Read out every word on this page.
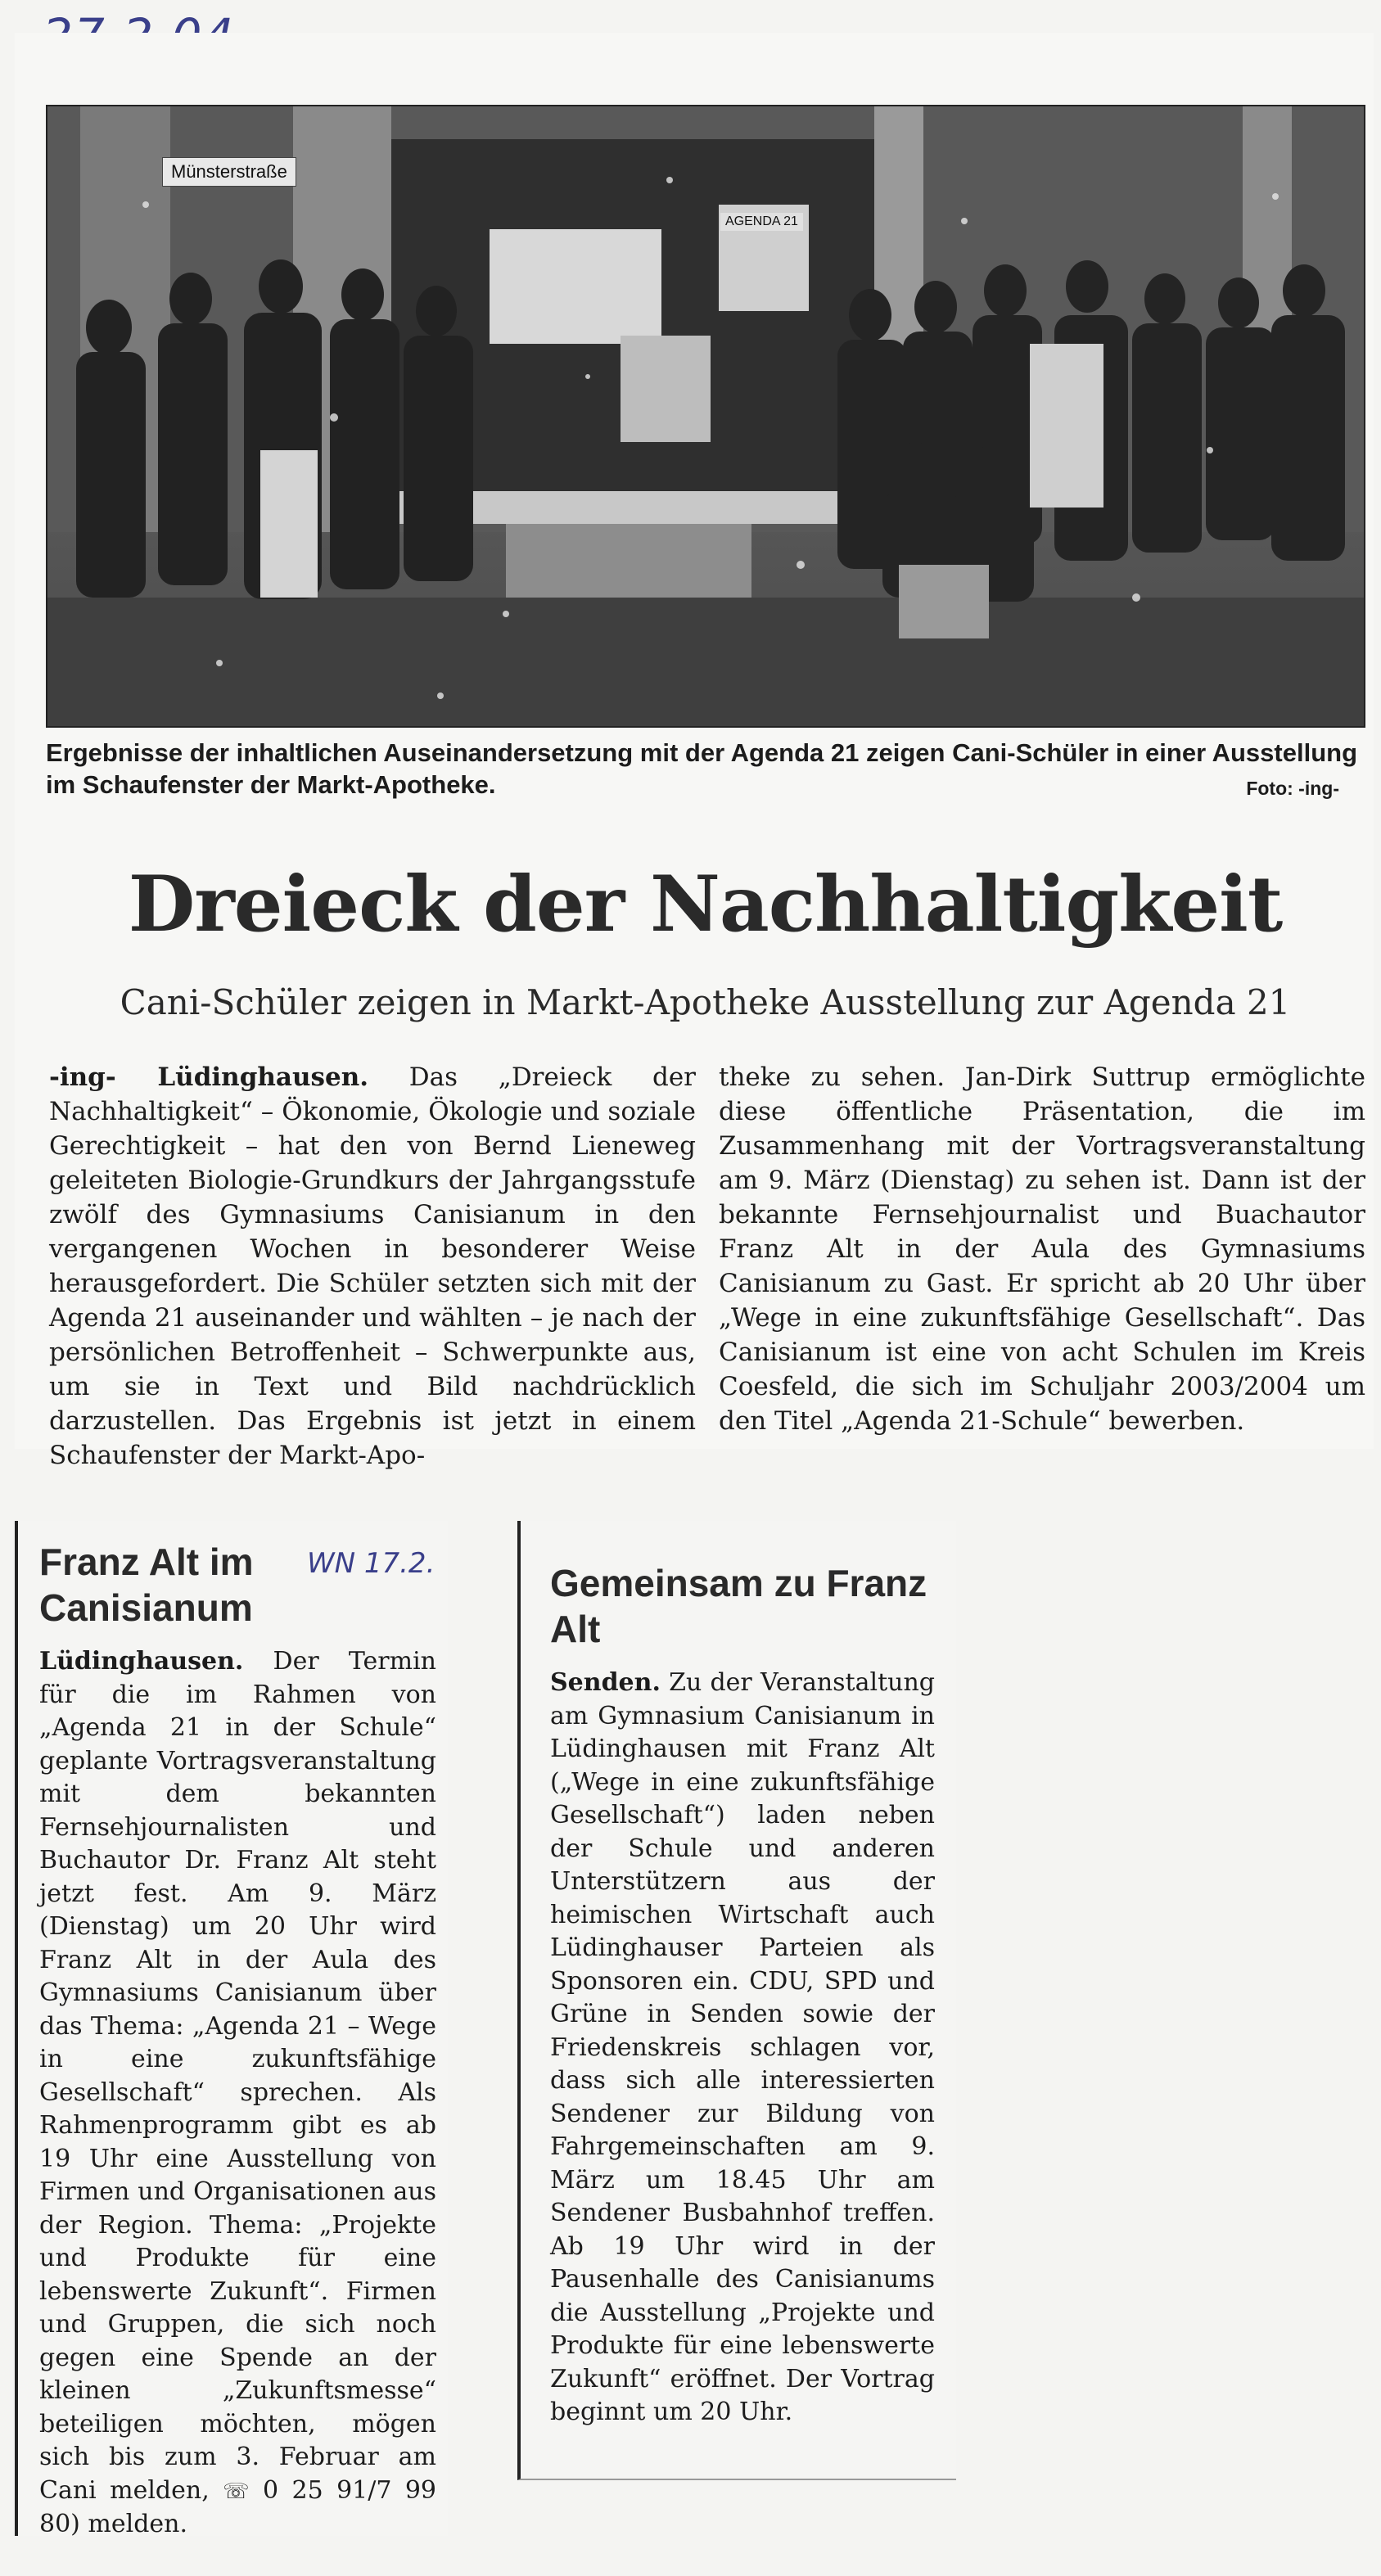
Münsterstraße
AGENDA 21
Ergebnisse der inhaltlichen Auseinandersetzung mit der Agenda 21 zeigen Cani-Schüler in einer Ausstellung im Schaufenster der Markt-Apotheke.	Foto: -ing-
Dreieck der Nachhaltigkeit
Cani-Schüler zeigen in Markt-Apotheke Ausstellung zur Agenda 21
-ing- Lüdinghausen. Das „Dreieck der Nachhaltigkeit“ – Ökonomie, Ökologie und soziale Gerechtigkeit – hat den von Bernd Lieneweg geleiteten Biologie-Grundkurs der Jahrgangsstufe zwölf des Gymnasiums Canisianum in den vergangenen Wochen in besonderer Weise herausgefordert. Die Schüler setzten sich mit der Agenda 21 auseinander und wählten – je nach der persönlichen Betroffenheit – Schwerpunkte aus, um sie in Text und Bild nachdrücklich darzustellen. Das Ergebnis ist jetzt in einem Schaufenster der Markt-Apo-
theke zu sehen. Jan-Dirk Suttrup ermöglichte diese öffentliche Präsentation, die im Zusammenhang mit der Vortragsveranstaltung am 9. März (Dienstag) zu sehen ist. Dann ist der bekannte Fernsehjournalist und Buachautor Franz Alt in der Aula des Gymnasiums Canisianum zu Gast. Er spricht ab 20 Uhr über „Wege in eine zukunftsfähige Gesellschaft“. Das Canisianum ist eine von acht Schulen im Kreis Coesfeld, die sich im Schuljahr 2003/2004 um den Titel „Agenda 21-Schule“ bewerben.
Franz Alt im Canisianum

Lüdinghausen. Der Termin für die im Rahmen von „Agenda 21 in der Schule“ geplante Vortragsveranstaltung mit dem bekannten Fernsehjournalisten und Buchautor Dr. Franz Alt steht jetzt fest. Am 9. März (Dienstag) um 20 Uhr wird Franz Alt in der Aula des Gymnasiums Canisianum über das Thema: „Agenda 21 – Wege in eine zukunftsfähige Gesellschaft“ sprechen. Als Rahmenprogramm gibt es ab 19 Uhr eine Ausstellung von Firmen und Organisationen aus der Region. Thema: „Projekte und Produkte für eine lebenswerte Zukunft“. Firmen und Gruppen, die sich noch gegen eine Spende an der kleinen „Zukunftsmesse“ beteiligen möchten, mögen sich bis zum 3. Februar am Cani melden, ☏ 0 25 91/7 99 80) melden.

WN 17.2.	Gemeinsam zu Franz Alt

Senden. Zu der Veranstaltung am Gymnasium Canisianum in Lüdinghausen mit Franz Alt („Wege in eine zukunftsfähige Gesellschaft“) laden neben der Schule und anderen Unterstützern aus der heimischen Wirtschaft auch Lüdinghauser Parteien als Sponsoren ein. CDU, SPD und Grüne in Senden sowie der Friedenskreis schlagen vor, dass sich alle interessierten Sendener zur Bildung von Fahrgemeinschaften am 9. März um 18.45 Uhr am Sendener Busbahnhof treffen. Ab 19 Uhr wird in der Pausenhalle des Canisianums die Ausstellung „Projekte und Produkte für eine lebenswerte Zukunft“ eröffnet. Der Vortrag beginnt um 20 Uhr.
